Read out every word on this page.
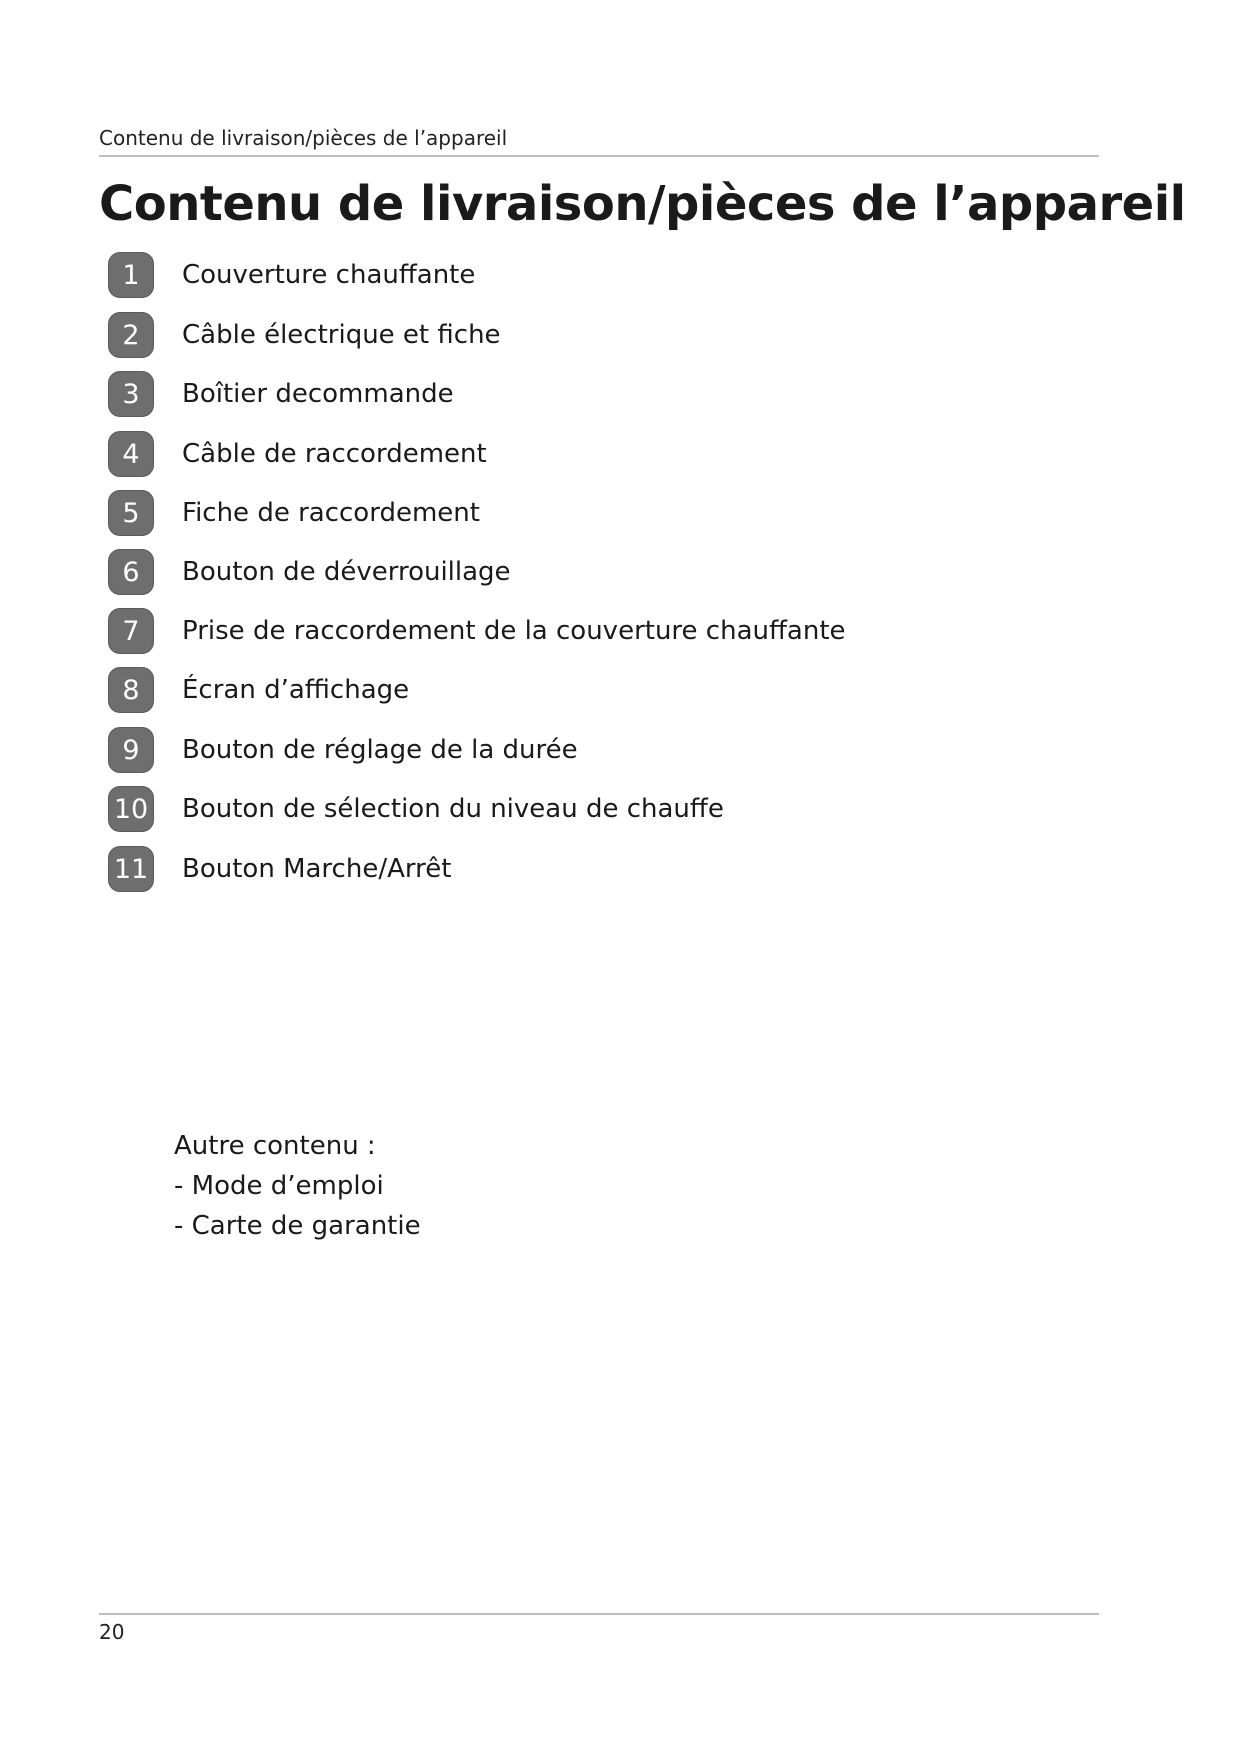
Contenu de livraison/pièces de l’appareil
Contenu de livraison/pièces de l’appareil
1	Couverture chauffante
2	Câble électrique et fiche
3	Boîtier decommande
4	Câble de raccordement
5	Fiche de raccordement
6	Bouton de déverrouillage
7	Prise de raccordement de la couverture chauffante
8	Écran d’affichage
9	Bouton de réglage de la durée
10 Bouton de sélection du niveau de chauffe
11 Bouton Marche/Arrêt
Autre contenu :
- Mode d’emploi
- Carte de garantie
20
